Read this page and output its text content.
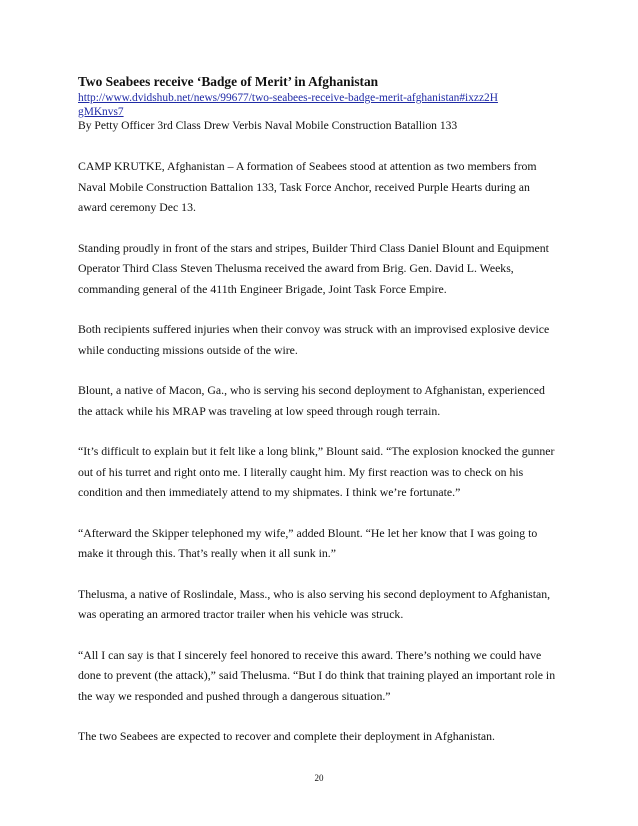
Two Seabees receive ‘Badge of Merit’ in Afghanistan
http://www.dvidshub.net/news/99677/two-seabees-receive-badge-merit-afghanistan#ixzz2HgMKnvs7
By Petty Officer 3rd Class Drew Verbis Naval Mobile Construction Batallion 133

CAMP KRUTKE, Afghanistan – A formation of Seabees stood at attention as two members from Naval Mobile Construction Battalion 133, Task Force Anchor, received Purple Hearts during an award ceremony Dec 13.

Standing proudly in front of the stars and stripes, Builder Third Class Daniel Blount and Equipment Operator Third Class Steven Thelusma received the award from Brig. Gen. David L. Weeks, commanding general of the 411th Engineer Brigade, Joint Task Force Empire.

Both recipients suffered injuries when their convoy was struck with an improvised explosive device while conducting missions outside of the wire.

Blount, a native of Macon, Ga., who is serving his second deployment to Afghanistan, experienced the attack while his MRAP was traveling at low speed through rough terrain.

“It’s difficult to explain but it felt like a long blink,” Blount said. “The explosion knocked the gunner out of his turret and right onto me. I literally caught him. My first reaction was to check on his condition and then immediately attend to my shipmates. I think we’re fortunate.”

“Afterward the Skipper telephoned my wife,” added Blount. “He let her know that I was going to make it through this. That’s really when it all sunk in.”

Thelusma, a native of Roslindale, Mass., who is also serving his second deployment to Afghanistan, was operating an armored tractor trailer when his vehicle was struck.

“All I can say is that I sincerely feel honored to receive this award. There’s nothing we could have done to prevent (the attack),” said Thelusma. “But I do think that training played an important role in the way we responded and pushed through a dangerous situation.”

The two Seabees are expected to recover and complete their deployment in Afghanistan.

20
